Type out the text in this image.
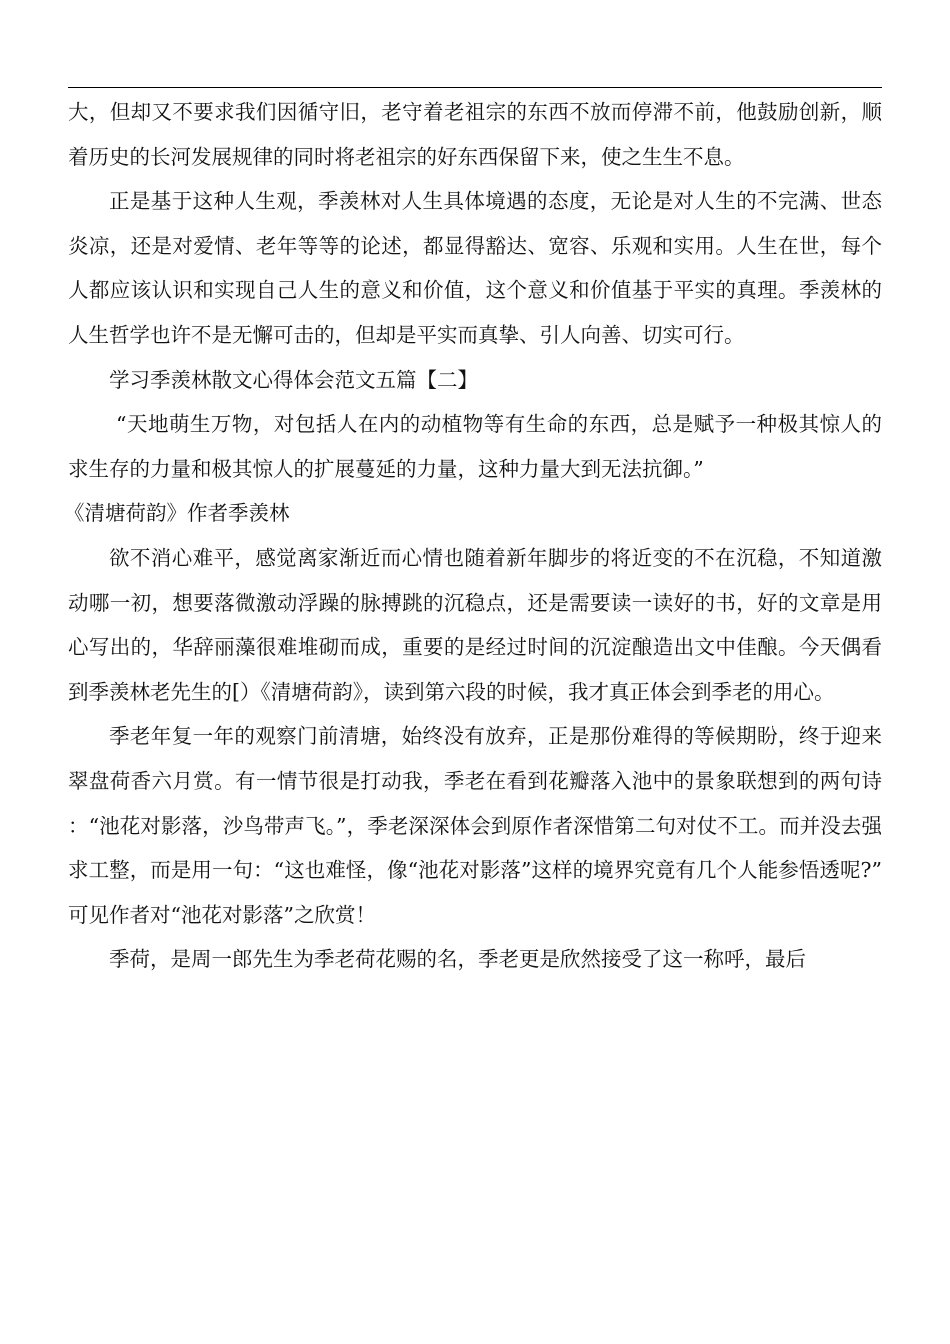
大，但却又不要求我们因循守旧，老守着老祖宗的东西不放而停滞不前，他鼓励创新，顺着历史的长河发展规律的同时将老祖宗的好东西保留下来，使之生生不息。

正是基于这种人生观，季羡林对人生具体境遇的态度，无论是对人生的不完满、世态炎凉，还是对爱情、老年等等的论述，都显得豁达、宽容、乐观和实用。人生在世，每个人都应该认识和实现自己人生的意义和价值，这个意义和价值基于平实的真理。季羡林的人生哲学也许不是无懈可击的，但却是平实而真挚、引人向善、切实可行。

学习季羡林散文心得体会范文五篇【二】

“天地萌生万物，对包括人在内的动植物等有生命的东西，总是赋予一种极其惊人的求生存的力量和极其惊人的扩展蔓延的力量，这种力量大到无法抗御。”

《清塘荷韵》作者季羡林

欲不消心难平，感觉离家渐近而心情也随着新年脚步的将近变的不在沉稳，不知道激动哪一初，想要落微激动浮躁的脉搏跳的沉稳点，还是需要读一读好的书，好的文章是用心写出的，华辞丽藻很难堆砌而成，重要的是经过时间的沉淀酿造出文中佳酿。今天偶看到季羡林老先生的[）《清塘荷韵》，读到第六段的时候，我才真正体会到季老的用心。

季老年复一年的观察门前清塘，始终没有放弃，正是那份难得的等候期盼，终于迎来翠盘荷香六月赏。有一情节很是打动我，季老在看到花瓣落入池中的景象联想到的两句诗：“池花对影落，沙鸟带声飞。”，季老深深体会到原作者深惜第二句对仗不工。而并没去强求工整，而是用一句：“这也难怪，像“池花对影落”这样的境界究竟有几个人能参悟透呢?”可见作者对“池花对影落”之欣赏！

季荷，是周一郎先生为季老荷花赐的名，季老更是欣然接受了这一称呼，最后
